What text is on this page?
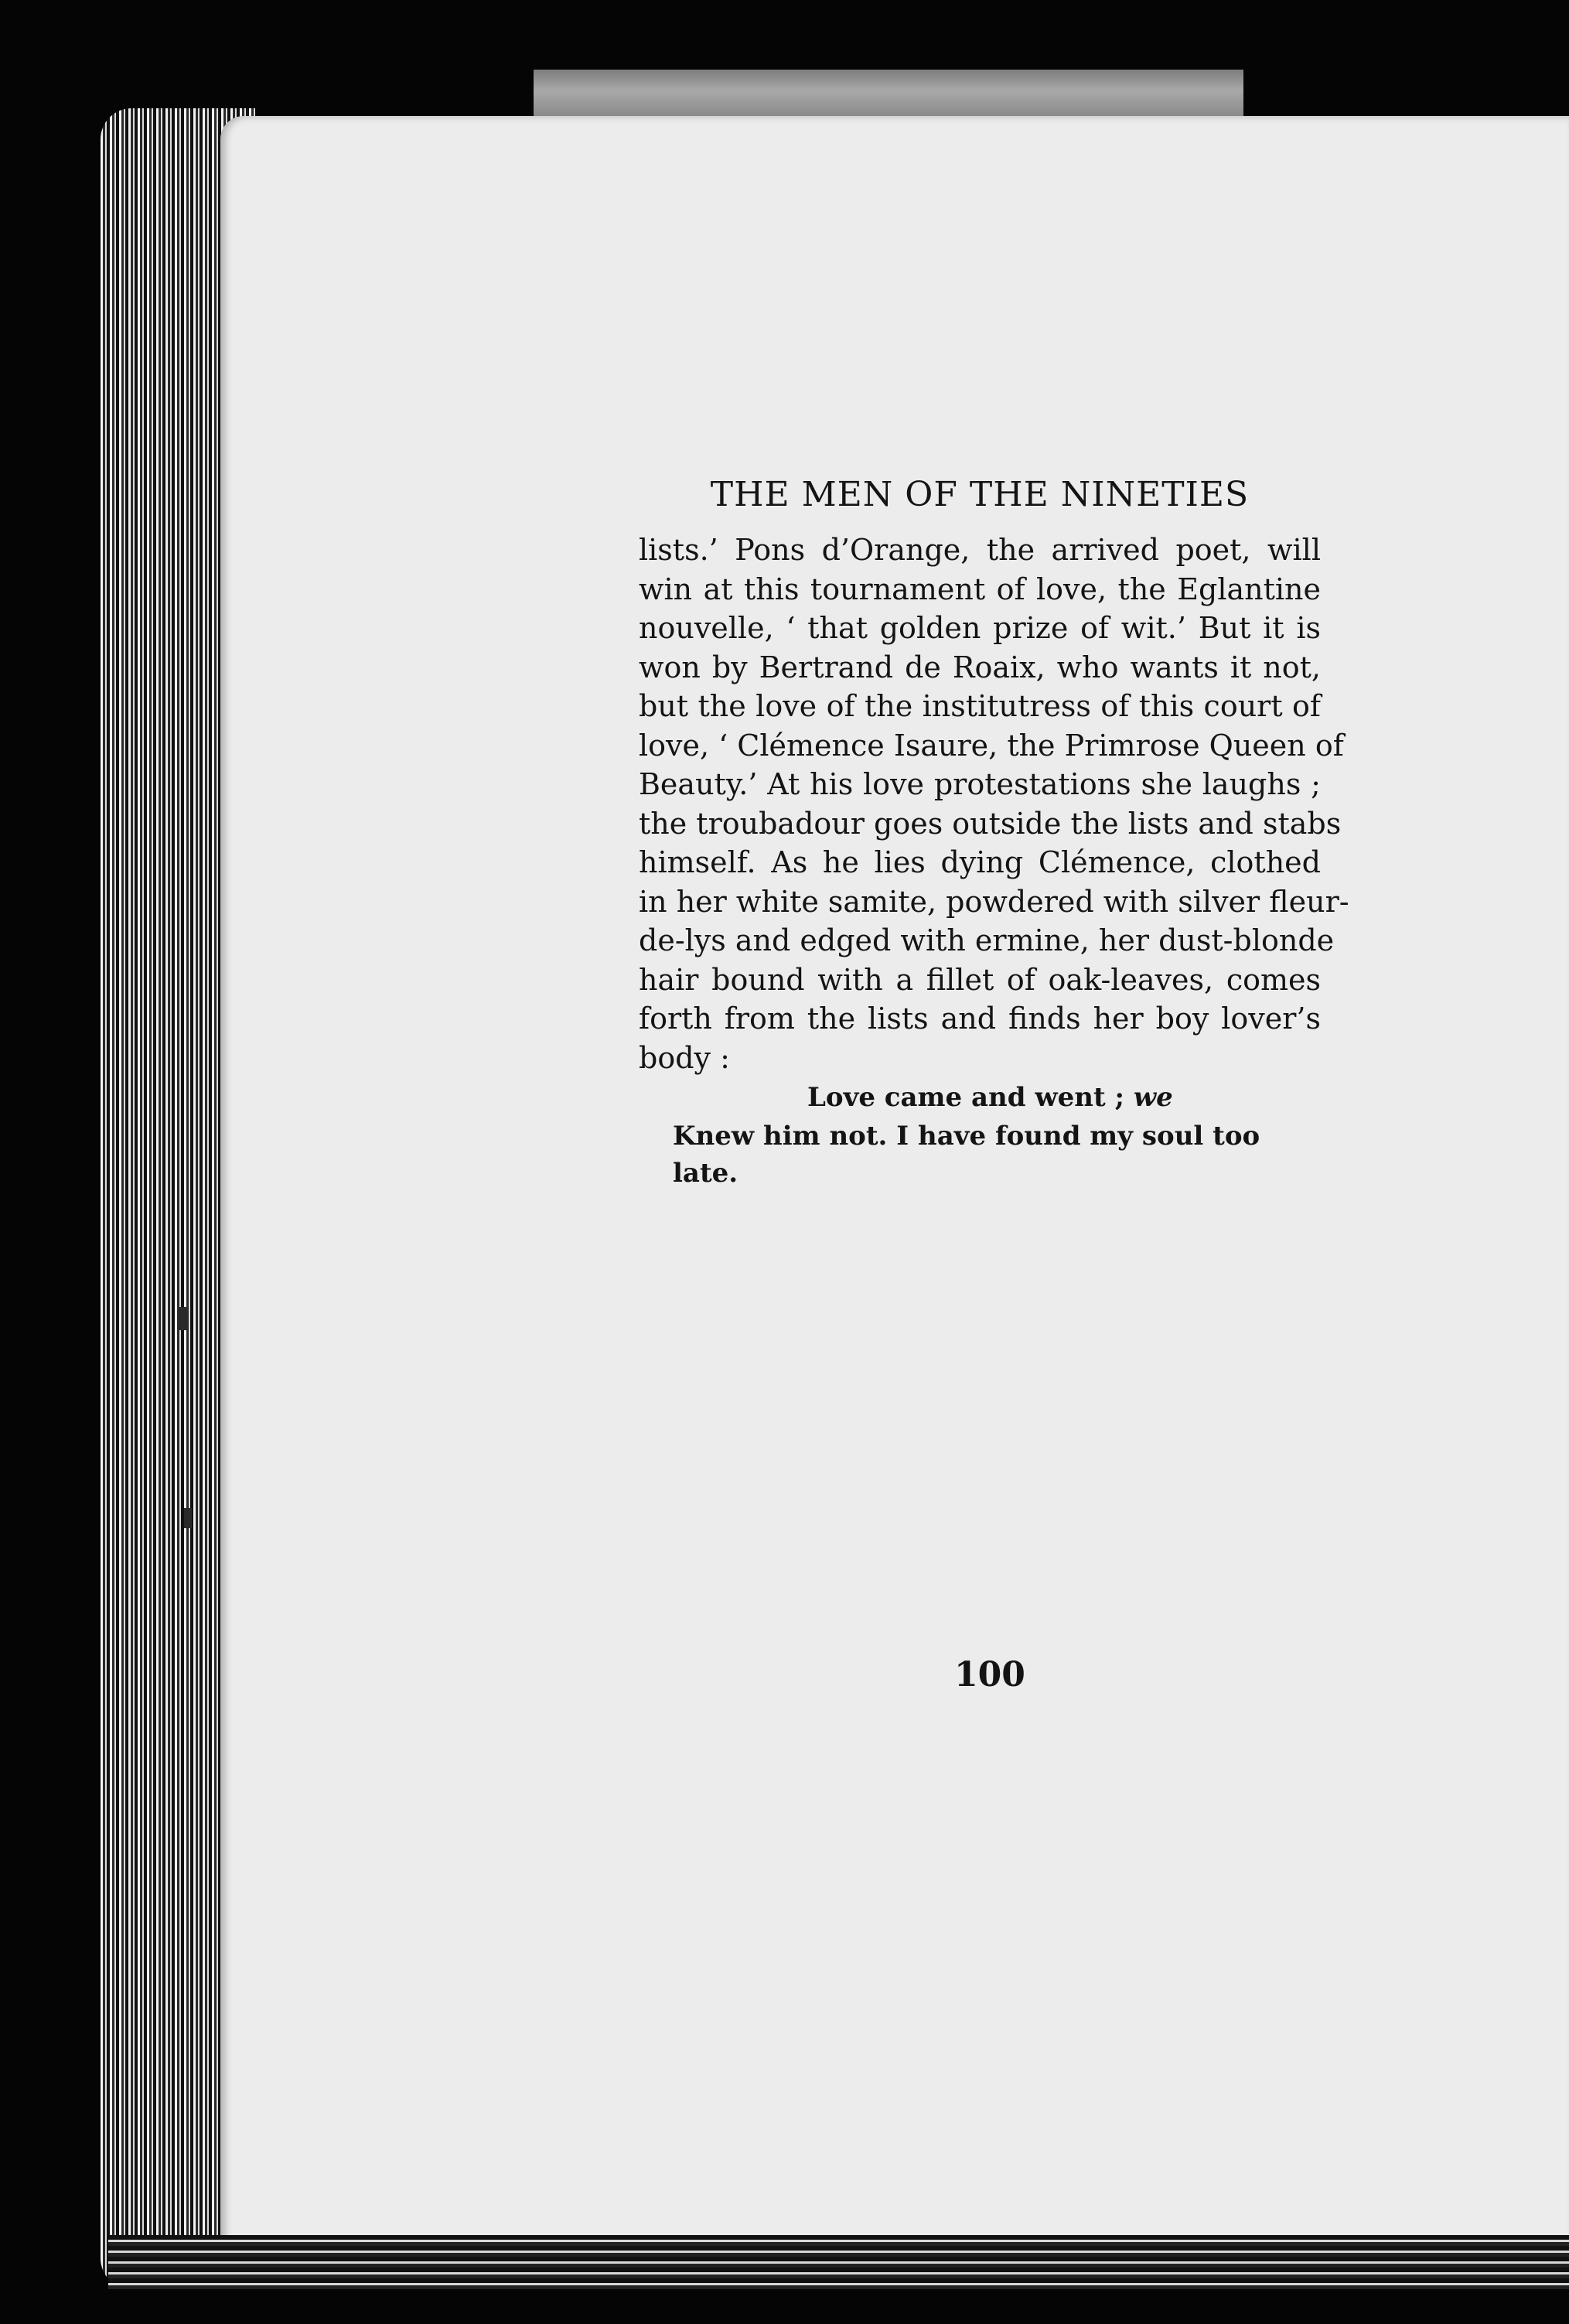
THE MEN OF THE NINETIES
lists.’ Pons d’Orange, the arrived poet, will
win at this tournament of love, the Eglantine
nouvelle, ‘ that golden prize of wit.’ But it is
won by Bertrand de Roaix, who wants it not,
but the love of the institutress of this court of
love, ‘ Clémence Isaure, the Primrose Queen of
Beauty.’ At his love protestations she laughs ;
the troubadour goes outside the lists and stabs
himself. As he lies dying Clémence, clothed
in her white samite, powdered with silver fleur-
de-lys and edged with ermine, her dust-blonde
hair bound with a fillet of oak-leaves, comes
forth from the lists and finds her boy lover’s
body :
Love came and went ; we
Knew him not. I have found my soul too late.
100
